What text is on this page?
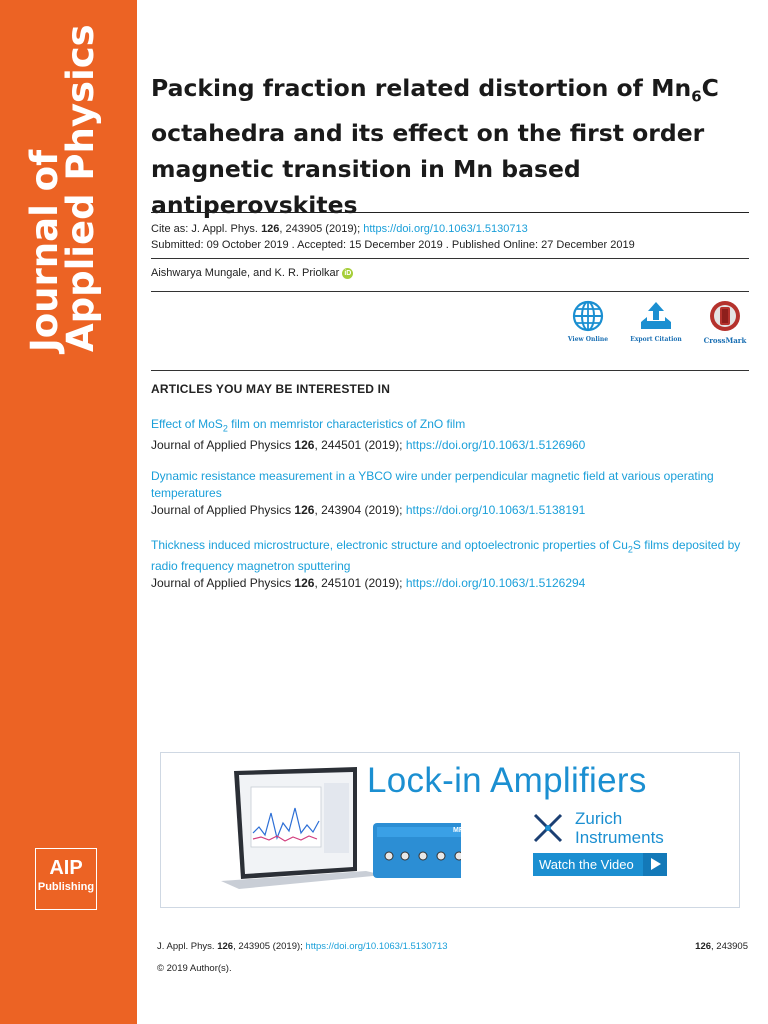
Journal of
Applied Physics
AIP
Publishing
Packing fraction related distortion of $Mn_6C$ octahedra and its effect on the first order magnetic transition in Mn based antiperovskites
Cite as: J. Appl. Phys. 126, 243905 (2019); https://doi.org/10.1063/1.5130713
Submitted: 09 October 2019 . Accepted: 15 December 2019 . Published Online: 27 December 2019
Aishwarya Mungale, and K. R. Priolkar iD
View Online	Export Citation	CrossMark
ARTICLES YOU MAY BE INTERESTED IN
Effect of MoS$_2$ film on memristor characteristics of ZnO film
Journal of Applied Physics 126, 244501 (2019); https://doi.org/10.1063/1.5126960
Dynamic resistance measurement in a YBCO wire under perpendicular magnetic field at various operating temperatures
Journal of Applied Physics 126, 243904 (2019); https://doi.org/10.1063/1.5138191
Thickness induced microstructure, electronic structure and optoelectronic properties of $Cu_2S$ films deposited by radio frequency magnetron sputtering
Journal of Applied Physics 126, 245101 (2019); https://doi.org/10.1063/1.5126294
MFLI
Lock-in Amplifiers
Zurich
Instruments
Watch the Video
J. Appl. Phys. 126, 243905 (2019); https://doi.org/10.1063/1.5130713	126, 243905
© 2019 Author(s).
